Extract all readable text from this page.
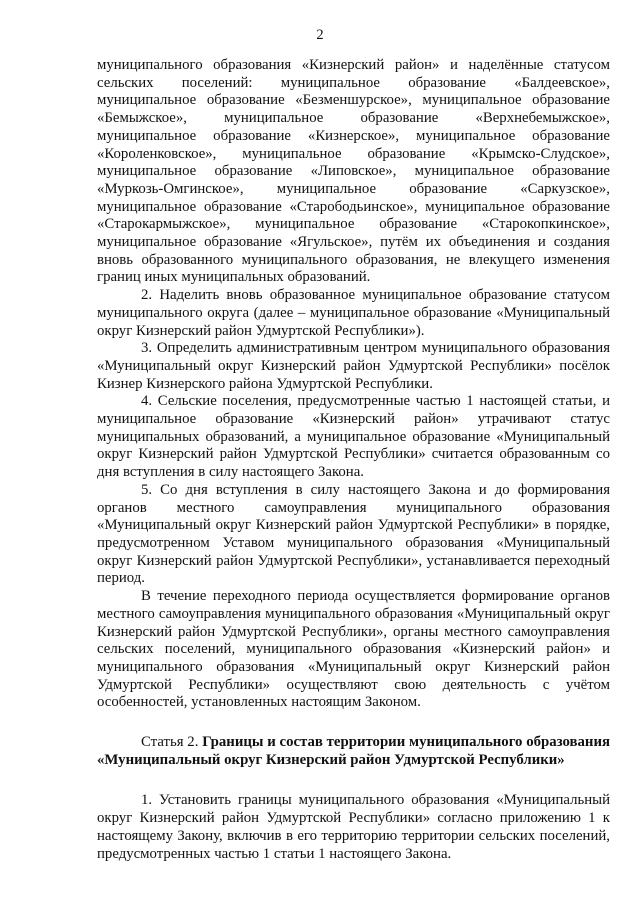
2

муниципального образования «Кизнерский район» и наделённые статусом сельских поселений: муниципальное образование «Балдеевское», муниципальное образование «Безменшурское», муниципальное образование «Бемыжское», муниципальное образование «Верхнебемыжское», муниципальное образование «Кизнерское», муниципальное образование «Короленковское», муниципальное образование «Крымско-Слудское», муниципальное образование «Липовское», муниципальное образование «Муркозь-Омгинское», муниципальное образование «Саркузское», муниципальное образование «Старободьинское», муниципальное образование «Старокармыжское», муниципальное образование «Старокопкинское», муниципальное образование «Ягульское», путём их объединения и создания вновь образованного муниципального образования, не влекущего изменения границ иных муниципальных образований.

2. Наделить вновь образованное муниципальное образование статусом муниципального округа (далее – муниципальное образование «Муниципальный округ Кизнерский район Удмуртской Республики»).

3. Определить административным центром муниципального образования «Муниципальный округ Кизнерский район Удмуртской Республики» посёлок Кизнер Кизнерского района Удмуртской Республики.

4. Сельские поселения, предусмотренные частью 1 настоящей статьи, и муниципальное образование «Кизнерский район» утрачивают статус муниципальных образований, а муниципальное образование «Муниципальный округ Кизнерский район Удмуртской Республики» считается образованным со дня вступления в силу настоящего Закона.

5. Со дня вступления в силу настоящего Закона и до формирования органов местного самоуправления муниципального образования «Муниципальный округ Кизнерский район Удмуртской Республики» в порядке, предусмотренном Уставом муниципального образования «Муниципальный округ Кизнерский район Удмуртской Республики», устанавливается переходный период.

В течение переходного периода осуществляется формирование органов местного самоуправления муниципального образования «Муниципальный округ Кизнерский район Удмуртской Республики», органы местного самоуправления сельских поселений, муниципального образования «Кизнерский район» и муниципального образования «Муниципальный округ Кизнерский район Удмуртской Республики» осуществляют свою деятельность с учётом особенностей, установленных настоящим Законом.

Статья 2. Границы и состав территории муниципального образования «Муниципальный округ Кизнерский район Удмуртской Республики»

1. Установить границы муниципального образования «Муниципальный округ Кизнерский район Удмуртской Республики» согласно приложению 1 к настоящему Закону, включив в его территорию территории сельских поселений, предусмотренных частью 1 статьи 1 настоящего Закона.
